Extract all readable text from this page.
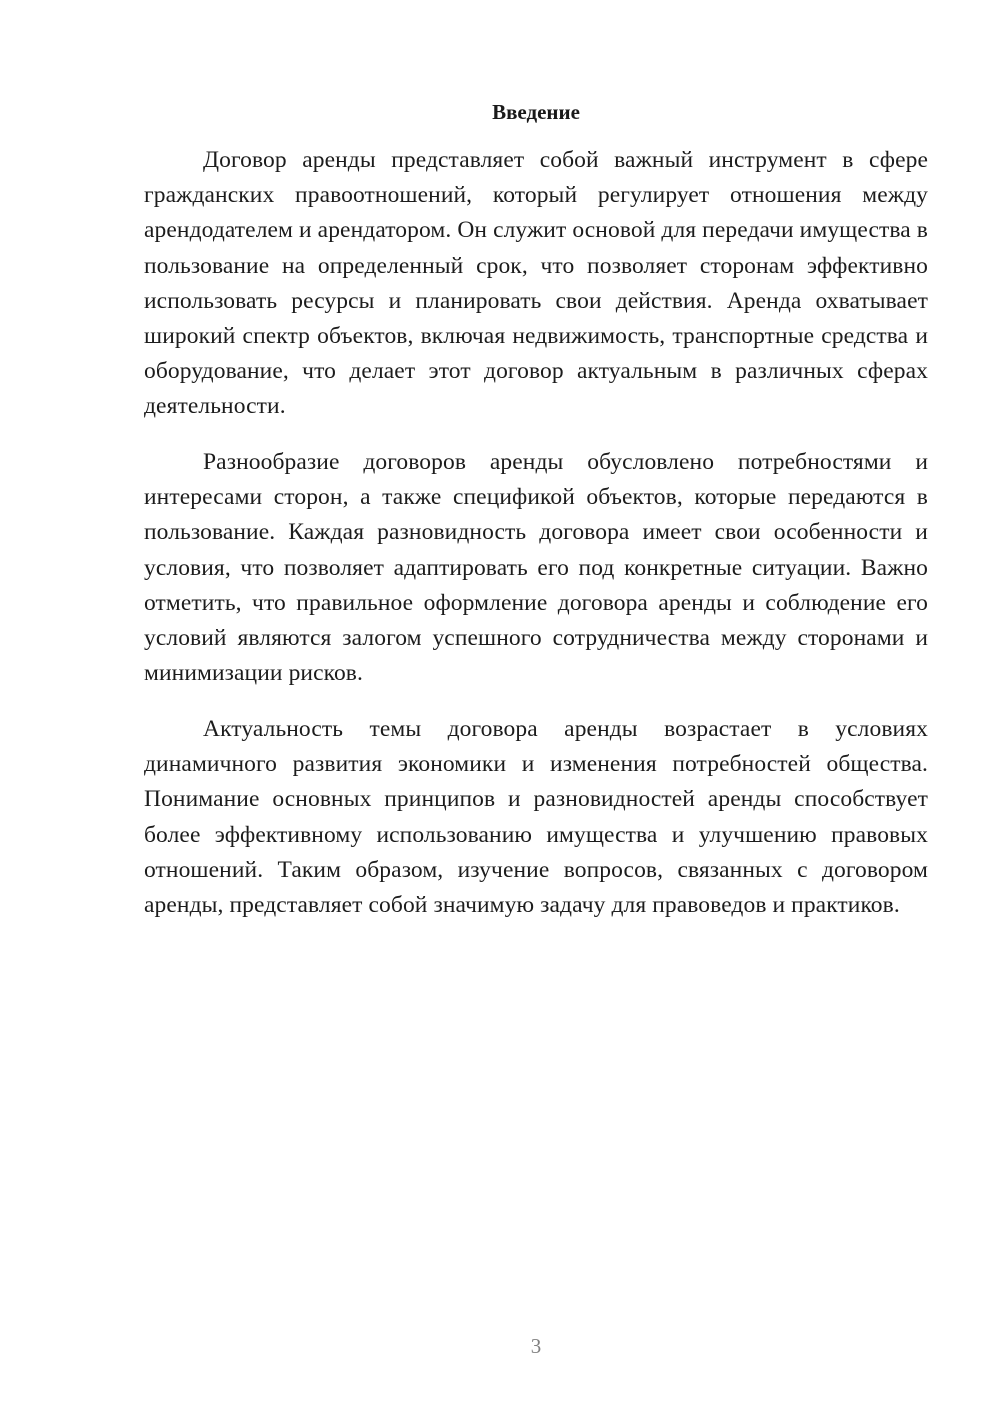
Введение

Договор аренды представляет собой важный инструмент в сфере гражданских правоотношений, который регулирует отношения между арендодателем и арендатором. Он служит основой для передачи имущества в пользование на определенный срок, что позволяет сторонам эффективно использовать ресурсы и планировать свои действия. Аренда охватывает широкий спектр объектов, включая недвижимость, транспортные средства и оборудование, что делает этот договор актуальным в различных сферах деятельности.

Разнообразие договоров аренды обусловлено потребностями и интересами сторон, а также спецификой объектов, которые передаются в пользование. Каждая разновидность договора имеет свои особенности и условия, что позволяет адаптировать его под конкретные ситуации. Важно отметить, что правильное оформление договора аренды и соблюдение его условий являются залогом успешного сотрудничества между сторонами и минимизации рисков.

Актуальность темы договора аренды возрастает в условиях динамичного развития экономики и изменения потребностей общества. Понимание основных принципов и разновидностей аренды способствует более эффективному использованию имущества и улучшению правовых отношений. Таким образом, изучение вопросов, связанных с договором аренды, представляет собой значимую задачу для правоведов и практиков.

3
